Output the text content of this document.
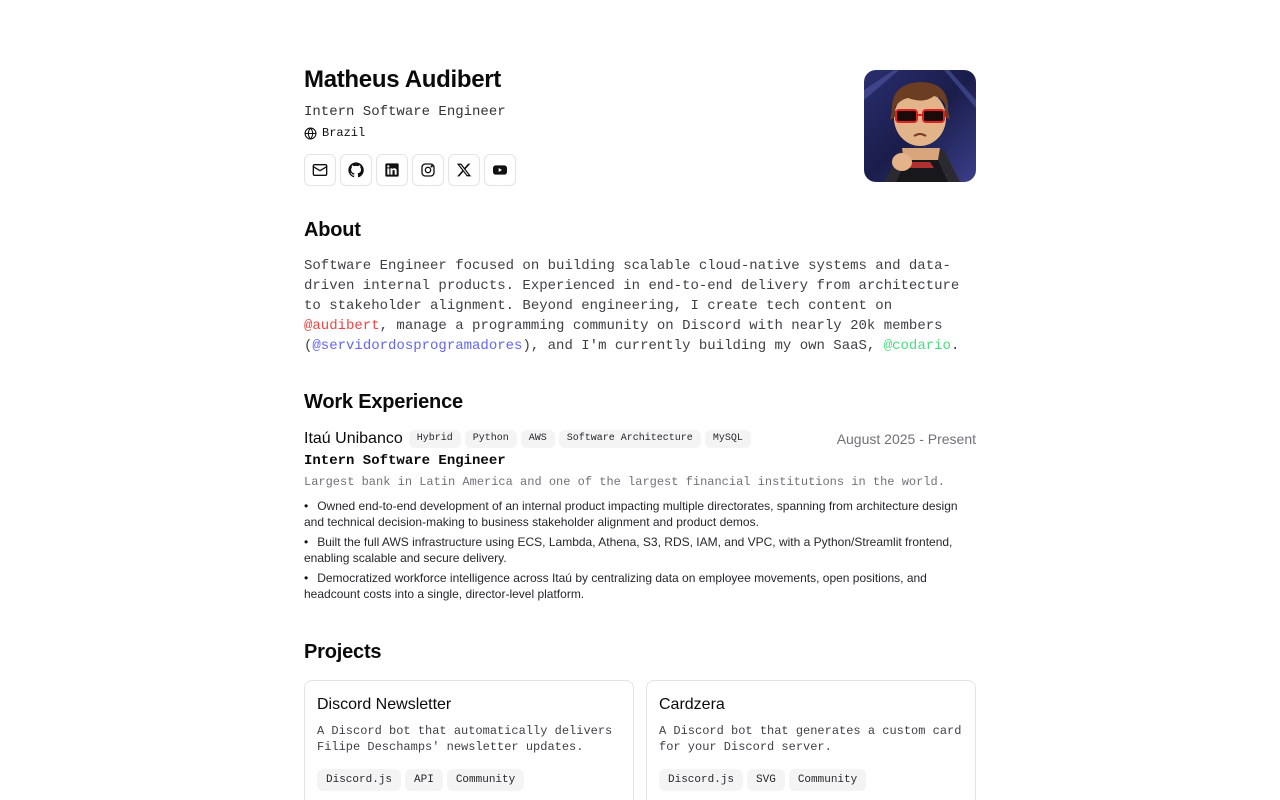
Matheus Audibert
Intern Software Engineer
Brazil
.
About

Software Engineer focused on building scalable cloud-native systems and data-driven internal products. Experienced in end-to-end delivery from architecture to stakeholder alignment. Beyond engineering, I create tech content on @audibert, manage a programming community on Discord with nearly 20k members (@servidordosprogramadores), and I'm currently building my own SaaS, @codario.

Work Experience
Itaú Unibanco	Hybrid	Python	AWS	Software Architecture	MySQL	August 2025 - Present
Intern Software Engineer
Largest bank in Latin America and one of the largest financial institutions in the world.
• Owned end-to-end development of an internal product impacting multiple directorates, spanning from architecture design and technical decision-making to business stakeholder alignment and product demos.
• Built the full AWS infrastructure using ECS, Lambda, Athena, S3, RDS, IAM, and VPC, with a Python/Streamlit frontend, enabling scalable and secure delivery.
• Democratized workforce intelligence across Itaú by centralizing data on employee movements, open positions, and headcount costs into a single, director-level platform.
Projects
Discord Newsletter
A Discord bot that automatically delivers Filipe Deschamps' newsletter updates.
Discord.js	API	Community
Cardzera
A Discord bot that generates a custom card for your Discord server.
Discord.js	SVG	Community
